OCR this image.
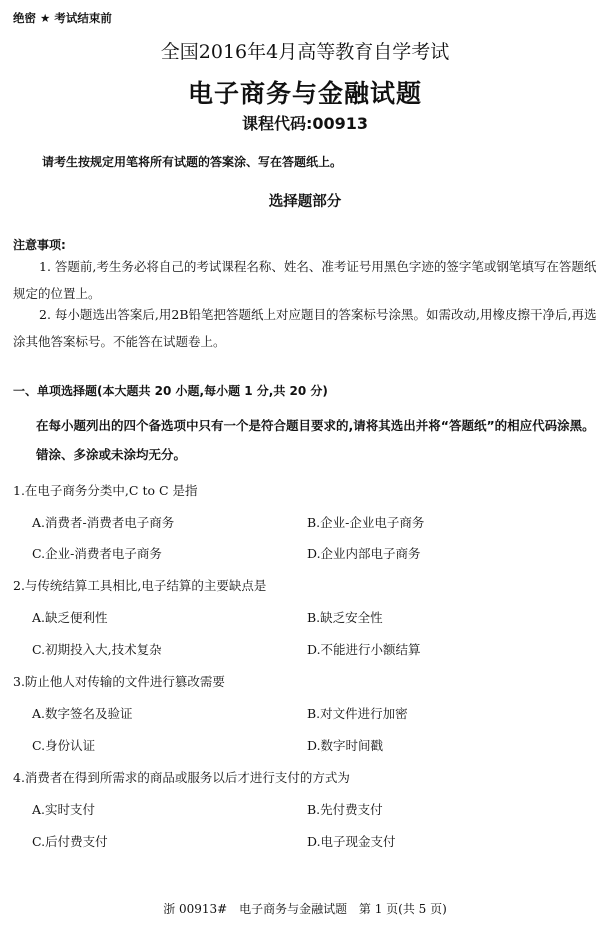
绝密 ★ 考试结束前
全国2016年4月高等教育自学考试
电子商务与金融试题
课程代码:00913
请考生按规定用笔将所有试题的答案涂、写在答题纸上。
选择题部分
注意事项:
1. 答题前,考生务必将自己的考试课程名称、姓名、准考证号用黑色字迹的签字笔或钢笔填写在答题纸规定的位置上。
2. 每小题选出答案后,用2B铅笔把答题纸上对应题目的答案标号涂黑。如需改动,用橡皮擦干净后,再选涂其他答案标号。不能答在试题卷上。
一、单项选择题(本大题共 20 小题,每小题 1 分,共 20 分)
在每小题列出的四个备选项中只有一个是符合题目要求的,请将其选出并将“答题纸”的相应代码涂黑。错涂、多涂或未涂均无分。
1.在电子商务分类中,C to C 是指
A.消费者-消费者电子商务	B.企业-企业电子商务
C.企业-消费者电子商务	D.企业内部电子商务
2.与传统结算工具相比,电子结算的主要缺点是
A.缺乏便利性	B.缺乏安全性
C.初期投入大,技术复杂	D.不能进行小额结算
3.防止他人对传输的文件进行篡改需要
A.数字签名及验证	B.对文件进行加密
C.身份认证	D.数字时间戳
4.消费者在得到所需求的商品或服务以后才进行支付的方式为
A.实时支付	B.先付费支付
C.后付费支付	D.电子现金支付
浙 00913# 电子商务与金融试题 第 1 页(共 5 页)
